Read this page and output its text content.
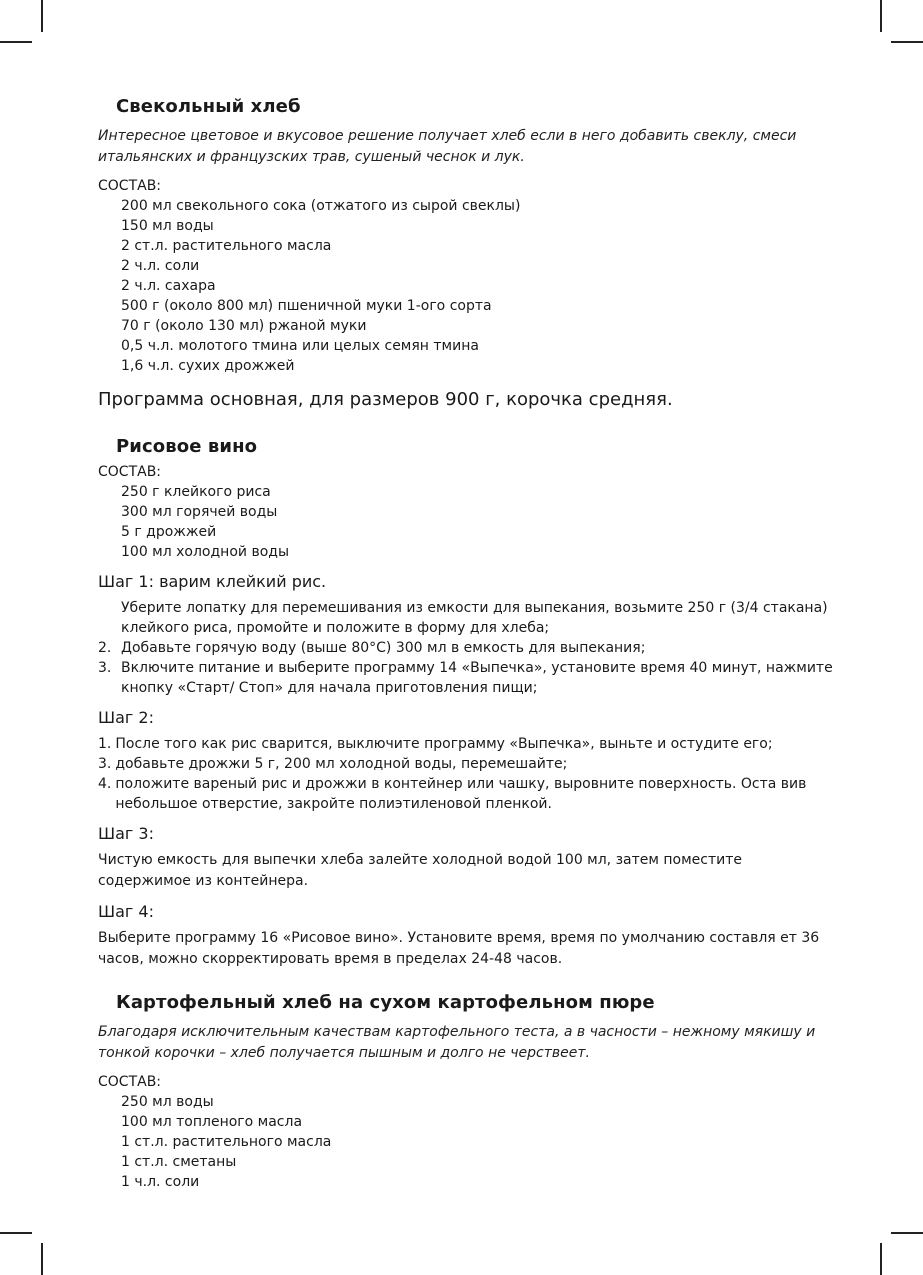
Свекольный хлеб

Интересное цветовое и вкусовое решение получает хлеб если в него добавить свеклу, смеси итальянских и французских трав, сушеный чеснок и лук.

СОСТАВ:

200 мл свекольного сока (отжатого из сырой свеклы)
150 мл воды
2 ст.л. растительного масла
2 ч.л. соли
2 ч.л. сахара
500 г (около 800 мл) пшеничной муки 1-ого сорта
70 г (около 130 мл) ржаной муки
0,5 ч.л. молотого тмина или целых семян тмина
1,6 ч.л. сухих дрожжей

Программа основная, для размеров 900 г, корочка средняя.

Рисовое вино

СОСТАВ:

250 г клейкого риса
300 мл горячей воды
5 г дрожжей
100 мл холодной воды

Шаг 1: варим клейкий рис.

Уберите лопатку для перемешивания из емкости для выпекания, возьмите 250 г (3/4 стакана) клейкого риса, промойте и положите в форму для хлеба;
2. Добавьте горячую воду (выше 80°С) 300 мл в емкость для выпекания;
3. Включите питание и выберите программу 14 «Выпечка», установите время 40 минут, нажмите кнопку «Старт/ Стоп» для начала приготовления пищи;

Шаг 2:

1. После того как рис сварится, выключите программу «Выпечка», выньте и остудите его;
3. добавьте дрожжи 5 г, 200 мл холодной воды, перемешайте;
4. положите вареный рис и дрожжи в контейнер или чашку, выровните поверхность. Оста вив небольшое отверстие, закройте полиэтиленовой пленкой.

Шаг 3:

Чистую емкость для выпечки хлеба залейте холодной водой 100 мл, затем поместите содержимое из контейнера.

Шаг 4:

Выберите программу 16 «Рисовое вино». Установите время, время по умолчанию составля ет 36 часов, можно скорректировать время в пределах 24-48 часов.

Картофельный хлеб на сухом картофельном пюре

Благодаря исключительным качествам картофельного теста, а в часности – нежному мякишу и тонкой корочки – хлеб получается пышным и долго не черствеет.

СОСТАВ:

250 мл воды
100 мл топленого масла
1 ст.л. растительного масла
1 ст.л. сметаны
1 ч.л. соли
